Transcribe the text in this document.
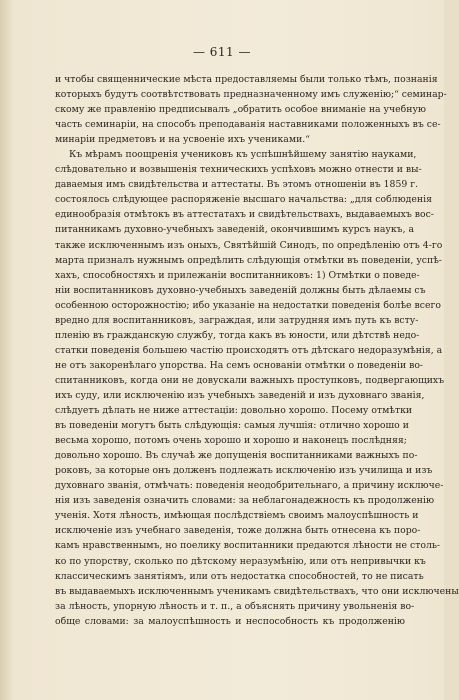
— 611 —
и чтобы священнические мѣста предоставляемы были только тѣмъ, познанія
которыхъ будутъ соотвѣтствовать предназначенному имъ служенію;“ семинар-
скому же правленію предписывалъ „обратить особое вниманіе на учебную
часть семинаріи, на способъ преподаванія наставниками положенныхъ въ се-
минаріи предметовъ и на усвоеніе ихъ учениками.“
Къ мѣрамъ поощренія учениковъ къ успѣшнѣйшему занятію науками,
слѣдовательно и возвышенія техническихъ успѣховъ можно отнести и вы-
даваемыя имъ свидѣтельства и аттестаты. Въ этомъ отношеніи въ 1859 г.
состоялось слѣдующее распоряженіе высшаго начальства: „для соблюденія
единообразія отмѣтокъ въ аттестатахъ и свидѣтельствахъ, выдаваемыхъ вос-
питанникамъ духовно-учебныхъ заведеній, окончившимъ курсъ наукъ, а
также исключеннымъ изъ оныхъ, Святѣйшій Синодъ, по опредѣленію отъ 4-го
марта призналъ нужнымъ опредѣлить слѣдующія отмѣтки въ поведеніи, успѣ-
хахъ, способностяхъ и прилежаніи воспитанниковъ: 1) Отмѣтки о поведе-
ніи воспитанниковъ духовно-учебныхъ заведеній должны быть дѣлаемы съ
особенною осторожностію; ибо указаніе на недостатки поведенія болѣе всего
вредно для воспитанниковъ, заграждая, или затрудняя имъ путь къ всту-
пленію въ гражданскую службу, тогда какъ въ юности, или дѣтствѣ недо-
статки поведенія большею частію происходятъ отъ дѣтскаго недоразумѣнія, а
не отъ закоренѣлаго упорства. На семъ основаніи отмѣтки о поведеніи во-
спитанниковъ, когда они не довускали важныхъ проступковъ, подвергающихъ
ихъ суду, или исключенію изъ учебныхъ заведеній и изъ духовнаго званія,
слѣдуетъ дѣлать не ниже аттестаціи: довольно хорошо. Посему отмѣтки
въ поведеніи могутъ быть слѣдующія: самыя лучшія: отлично хорошо и
весьма хорошо, потомъ очень хорошо и хорошо и наконецъ послѣдняя;
довольно хорошо. Въ случаѣ же допущенія воспитанниками важныхъ по-
роковъ, за которые онъ долженъ подлежать исключенію изъ училища и изъ
духовнаго званія, отмѣчать: поведенія неодобрительнаго, а причину исключе-
нія изъ заведенія означить словами: за неблагонадежность къ продолженію
ученія. Хотя лѣность, имѣющая послѣдствіемъ своимъ малоуспѣшность и
исключеніе изъ учебнаго заведенія, тоже должна быть отнесена къ поро-
камъ нравственнымъ, но поелику воспитанники предаются лѣности не столь-
ко по упорству, сколько по дѣтскому неразумѣнію, или отъ непривычки къ
классическимъ занятіямъ, или отъ недостатка способностей, то не писать
въ выдаваемыхъ исключеннымъ ученикамъ свидѣтельствахъ, что они исключены
за лѣность, упорную лѣность и т. п., а объяснять причину увольненія во-
обще словами: за малоуспѣшность и неспособность къ продолженію
